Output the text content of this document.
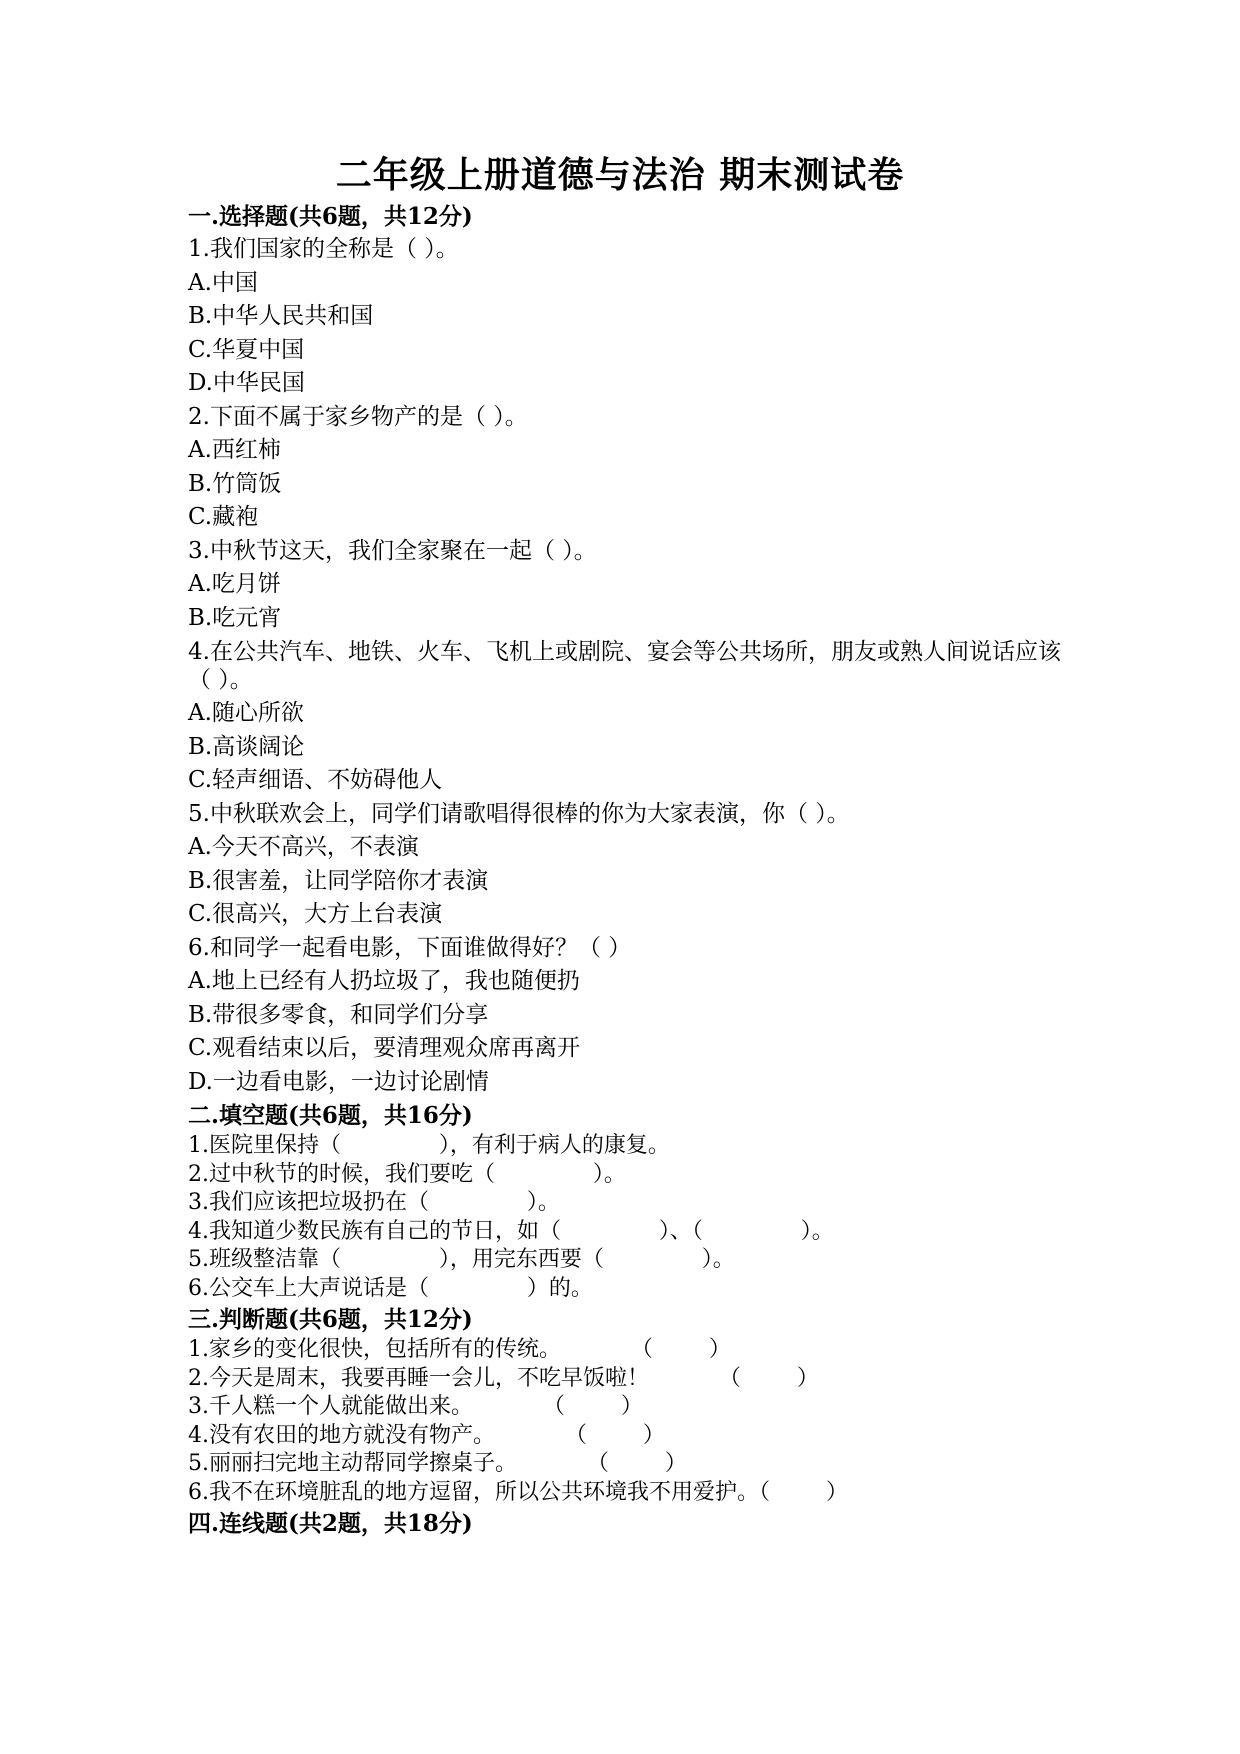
二年级上册道德与法治 期末测试卷
一.选择题(共6题，共12分)
1.我们国家的全称是（ ）。
A.中国
B.中华人民共和国
C.华夏中国
D.中华民国
2.下面不属于家乡物产的是（ ）。
A.西红柿
B.竹筒饭
C.藏袍
3.中秋节这天，我们全家聚在一起（ ）。
A.吃月饼
B.吃元宵
4.在公共汽车、地铁、火车、飞机上或剧院、宴会等公共场所，朋友或熟人间说话应该（ ）。
A.随心所欲
B.高谈阔论
C.轻声细语、不妨碍他人
5.中秋联欢会上，同学们请歌唱得很棒的你为大家表演，你（ ）。
A.今天不高兴，不表演
B.很害羞，让同学陪你才表演
C.很高兴，大方上台表演
6.和同学一起看电影，下面谁做得好？（ ）
A.地上已经有人扔垃圾了，我也随便扔
B.带很多零食，和同学们分享
C.观看结束以后，要清理观众席再离开
D.一边看电影，一边讨论剧情
二.填空题(共6题，共16分)
1.医院里保持（              ），有利于病人的康复。
2.过中秋节的时候，我们要吃（              ）。
3.我们应该把垃圾扔在（              ）。
4.我知道少数民族有自己的节日，如（              ）、（              ）。
5.班级整洁靠（              ），用完东西要（              ）。
6.公交车上大声说话是（              ）的。
三.判断题(共6题，共12分)
1.家乡的变化很快，包括所有的传统。          （        ）
2.今天是周末，我要再睡一会儿，不吃早饭啦！          （        ）
3.千人糕一个人就能做出来。          （        ）
4.没有农田的地方就没有物产。          （        ）
5.丽丽扫完地主动帮同学擦桌子。          （        ）
6.我不在环境脏乱的地方逗留，所以公共环境我不用爱护。（        ）
四.连线题(共2题，共18分)
